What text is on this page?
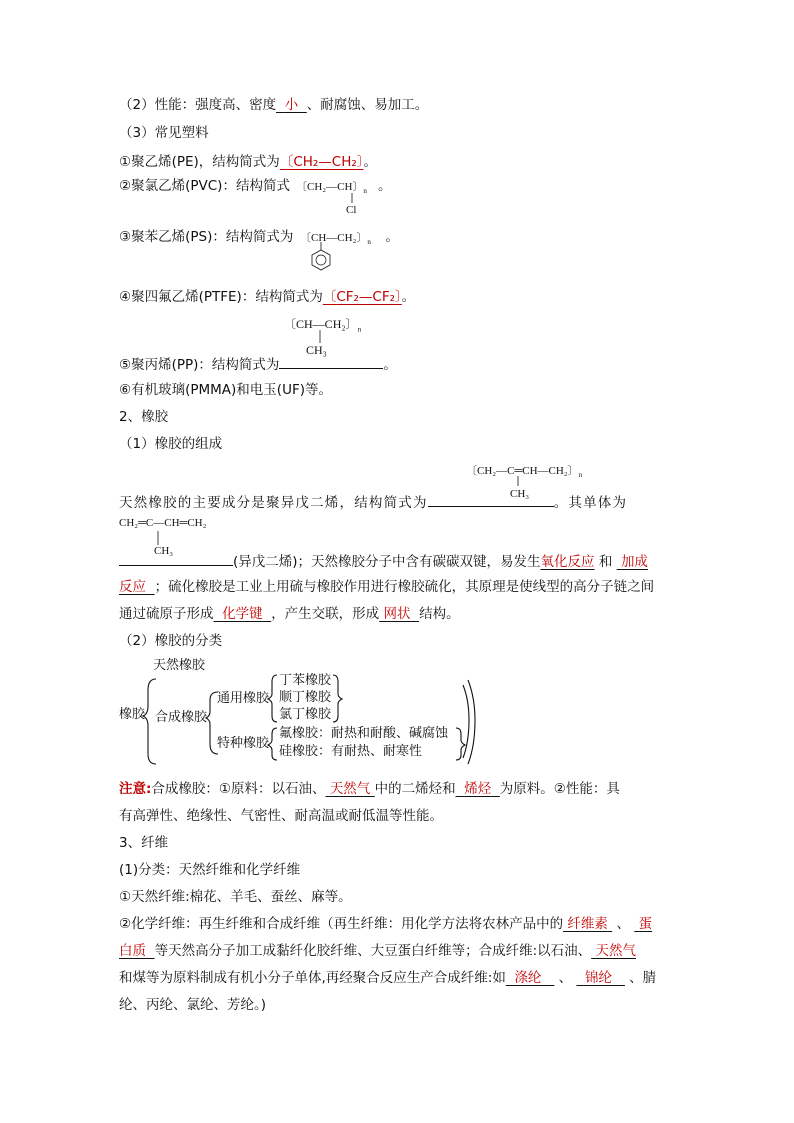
（2）性能：强度高、密度 小 、耐腐蚀、易加工。
（3）常见塑料
①聚乙烯(PE)，结构简式为〔CH₂—CH₂〕。
②聚氯乙烯(PVC)：结构简式	。
〔CH₂—CH〕$_n$
Cl
③聚苯乙烯(PS)：结构简式为	。
〔CH—CH₂〕$_n$
④聚四氟乙烯(PTFE)：结构简式为〔CF₂—CF₂〕。
〔CH—CH₂〕$_n$
CH₃
⑤聚丙烯(PP)：结构简式为	。
⑥有机玻璃(PMMA)和电玉(UF)等。
2、橡胶
（1）橡胶的组成
〔CH₂—C═CH—CH₂〕$_n$
CH₃
天然橡胶的主要成分是聚异戊二烯，结构简式为	。其单体为
CH₂═C—CH═CH₂
CH₃
(异戊二烯)；天然橡胶分子中含有碳碳双键，易发生氧化反应 和 加成
反应 ；硫化橡胶是工业上用硫与橡胶作用进行橡胶硫化，其原理是使线型的高分子链之间
通过硫原子形成 化学键 ，产生交联，形成 网状 结构。
（2）橡胶的分类
天然橡胶
橡胶 合成橡胶
通用橡胶
丁苯橡胶
顺丁橡胶
氯丁橡胶
特种橡胶
氟橡胶：耐热和耐酸、碱腐蚀
硅橡胶：有耐热、耐寒性
注意:合成橡胶：①原料：以石油、 天然气 中的二烯烃和 烯烃 为原料。②性能：具
有高弹性、绝缘性、气密性、耐高温或耐低温等性能。
3、纤维
(1)分类：天然纤维和化学纤维
①天然纤维:棉花、羊毛、蚕丝、麻等。
②化学纤维：再生纤维和合成纤维（再生纤维：用化学方法将农林产品中的 纤维素 、 蛋
白质 等天然高分子加工成黏纤化胶纤维、大豆蛋白纤维等；合成纤维:以石油、 天然气
和煤等为原料制成有机小分子单体,再经聚合反应生产合成纤维:如 涤纶 、 锦纶 、腈
纶、丙纶、氯纶、芳纶。)
